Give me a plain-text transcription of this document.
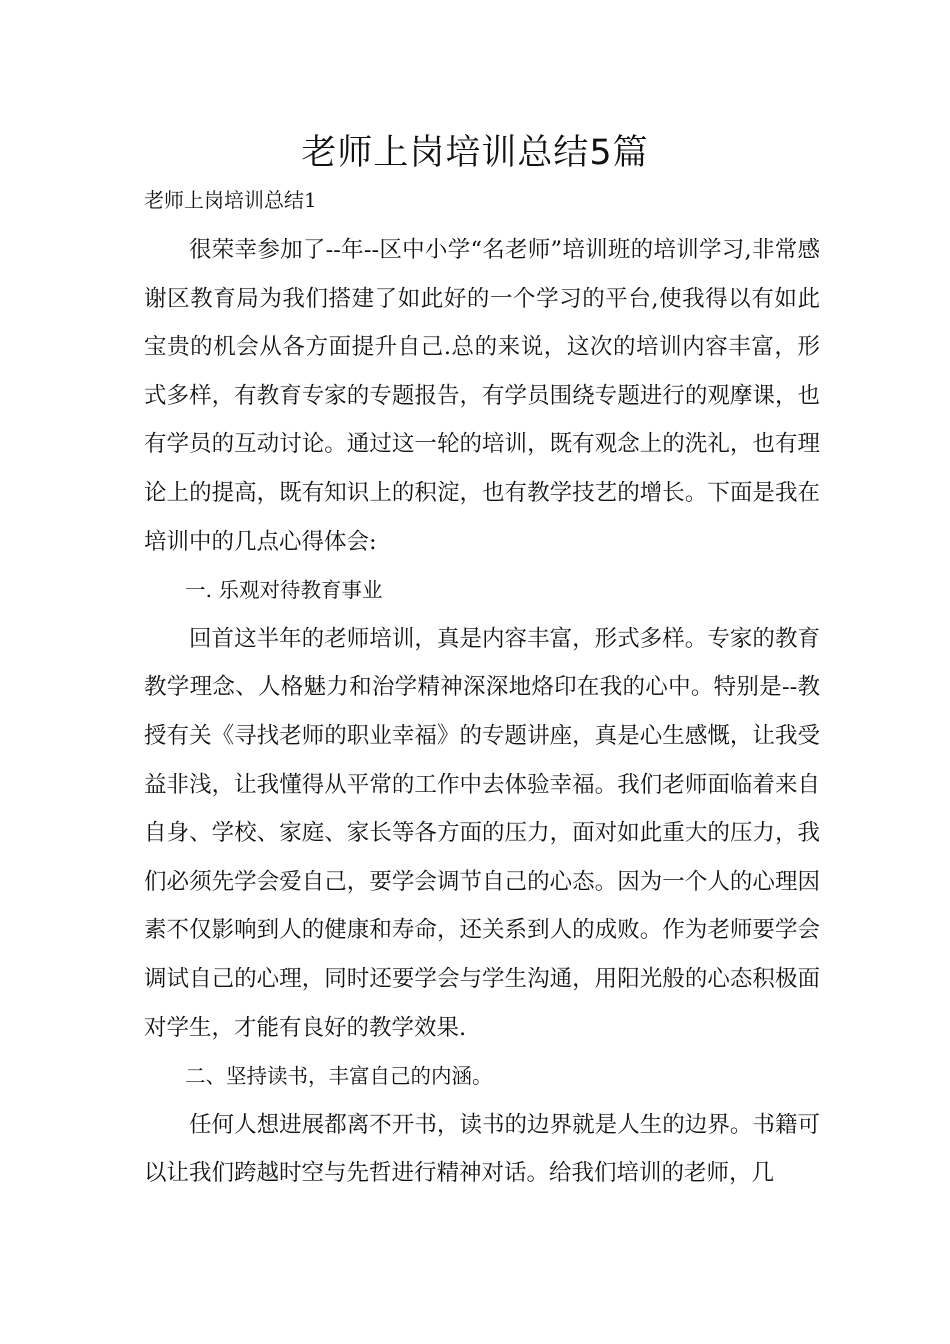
老师上岗培训总结5篇
老师上岗培训总结1

很荣幸参加了--年--区中小学“名老师”培训班的培训学习,非常感谢区教育局为我们搭建了如此好的一个学习的平台,使我得以有如此宝贵的机会从各方面提升自己.总的来说，这次的培训内容丰富，形式多样，有教育专家的专题报告，有学员围绕专题进行的观摩课，也有学员的互动讨论。通过这一轮的培训，既有观念上的洗礼，也有理论上的提高，既有知识上的积淀，也有教学技艺的增长。下面是我在培训中的几点心得体会:

一. 乐观对待教育事业

回首这半年的老师培训，真是内容丰富，形式多样。专家的教育教学理念、人格魅力和治学精神深深地烙印在我的心中。特别是--教授有关《寻找老师的职业幸福》的专题讲座，真是心生感慨，让我受益非浅，让我懂得从平常的工作中去体验幸福。我们老师面临着来自自身、学校、家庭、家长等各方面的压力，面对如此重大的压力，我们必须先学会爱自己，要学会调节自己的心态。因为一个人的心理因素不仅影响到人的健康和寿命，还关系到人的成败。作为老师要学会调试自己的心理，同时还要学会与学生沟通，用阳光般的心态积极面对学生，才能有良好的教学效果.

二、坚持读书，丰富自己的内涵。

任何人想进展都离不开书，读书的边界就是人生的边界。书籍可以让我们跨越时空与先哲进行精神对话。给我们培训的老师，几
